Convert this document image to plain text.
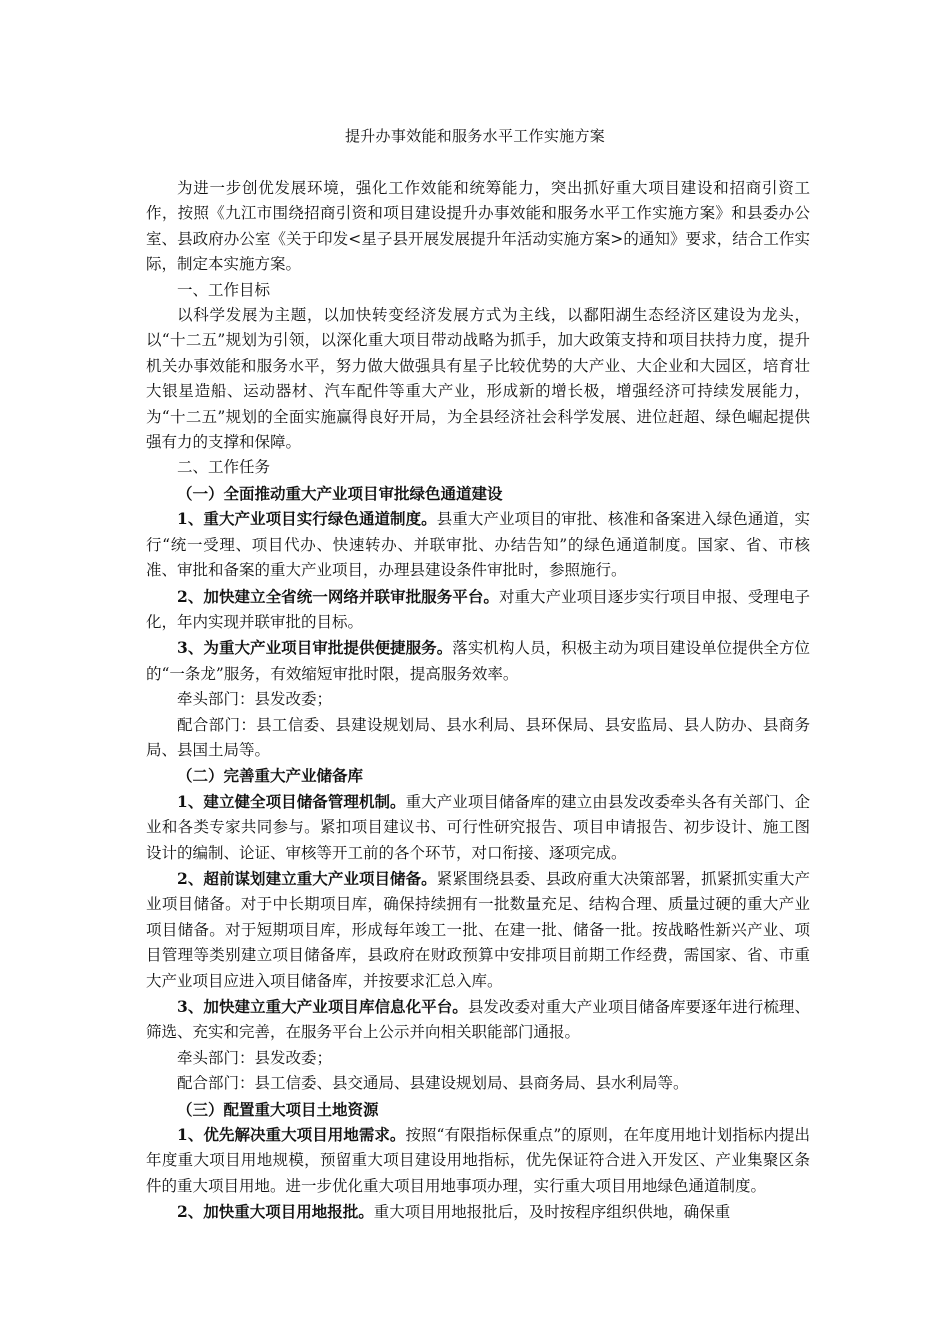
提升办事效能和服务水平工作实施方案

为进一步创优发展环境，强化工作效能和统筹能力，突出抓好重大项目建设和招商引资工作，按照《九江市围绕招商引资和项目建设提升办事效能和服务水平工作实施方案》和县委办公室、县政府办公室《关于印发<星子县开展发展提升年活动实施方案>的通知》要求，结合工作实际，制定本实施方案。

一、工作目标

以科学发展为主题，以加快转变经济发展方式为主线，以鄱阳湖生态经济区建设为龙头，以“十二五”规划为引领，以深化重大项目带动战略为抓手，加大政策支持和项目扶持力度，提升机关办事效能和服务水平，努力做大做强具有星子比较优势的大产业、大企业和大园区，培育壮大银星造船、运动器材、汽车配件等重大产业，形成新的增长极，增强经济可持续发展能力，为“十二五”规划的全面实施赢得良好开局，为全县经济社会科学发展、进位赶超、绿色崛起提供强有力的支撑和保障。

二、工作任务

（一）全面推动重大产业项目审批绿色通道建设

1、重大产业项目实行绿色通道制度。县重大产业项目的审批、核准和备案进入绿色通道，实行“统一受理、项目代办、快速转办、并联审批、办结告知”的绿色通道制度。国家、省、市核准、审批和备案的重大产业项目，办理县建设条件审批时，参照施行。

2、加快建立全省统一网络并联审批服务平台。对重大产业项目逐步实行项目申报、受理电子化，年内实现并联审批的目标。

3、为重大产业项目审批提供便捷服务。落实机构人员，积极主动为项目建设单位提供全方位的“一条龙”服务，有效缩短审批时限，提高服务效率。

牵头部门：县发改委；

配合部门：县工信委、县建设规划局、县水利局、县环保局、县安监局、县人防办、县商务局、县国土局等。

（二）完善重大产业储备库

1、建立健全项目储备管理机制。重大产业项目储备库的建立由县发改委牵头各有关部门、企业和各类专家共同参与。紧扣项目建议书、可行性研究报告、项目申请报告、初步设计、施工图设计的编制、论证、审核等开工前的各个环节，对口衔接、逐项完成。

2、超前谋划建立重大产业项目储备。紧紧围绕县委、县政府重大决策部署，抓紧抓实重大产业项目储备。对于中长期项目库，确保持续拥有一批数量充足、结构合理、质量过硬的重大产业项目储备。对于短期项目库，形成每年竣工一批、在建一批、储备一批。按战略性新兴产业、项目管理等类别建立项目储备库，县政府在财政预算中安排项目前期工作经费，需国家、省、市重大产业项目应进入项目储备库，并按要求汇总入库。

3、加快建立重大产业项目库信息化平台。县发改委对重大产业项目储备库要逐年进行梳理、筛选、充实和完善，在服务平台上公示并向相关职能部门通报。

牵头部门：县发改委；

配合部门：县工信委、县交通局、县建设规划局、县商务局、县水利局等。

（三）配置重大项目土地资源

1、优先解决重大项目用地需求。按照“有限指标保重点”的原则，在年度用地计划指标内提出年度重大项目用地规模，预留重大项目建设用地指标，优先保证符合进入开发区、产业集聚区条件的重大项目用地。进一步优化重大项目用地事项办理，实行重大项目用地绿色通道制度。

2、加快重大项目用地报批。重大项目用地报批后，及时按程序组织供地，确保重
